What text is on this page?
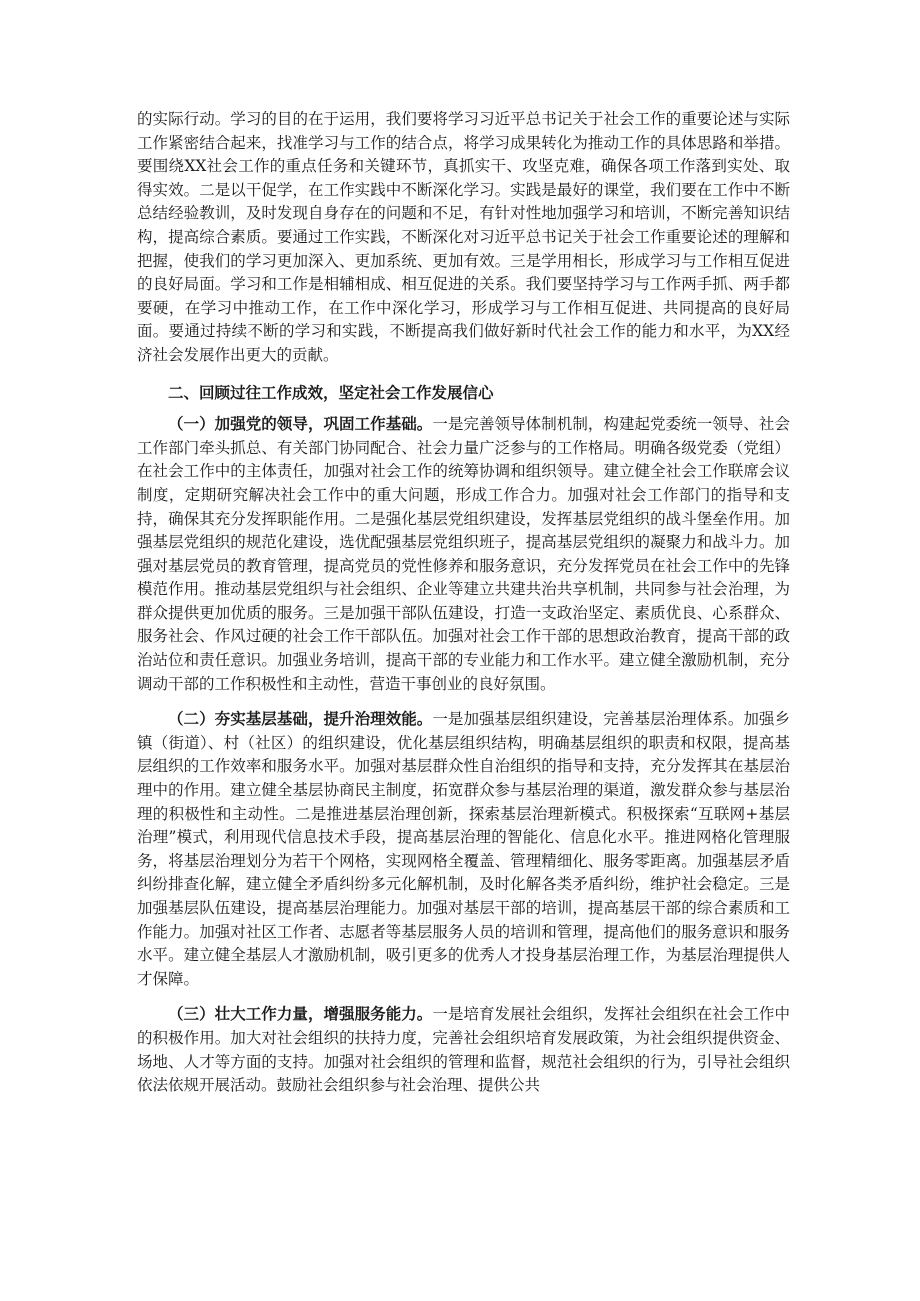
的实际行动。学习的目的在于运用，我们要将学习习近平总书记关于社会工作的重要论述与实际工作紧密结合起来，找准学习与工作的结合点，将学习成果转化为推动工作的具体思路和举措。要围绕XX社会工作的重点任务和关键环节，真抓实干、攻坚克难，确保各项工作落到实处、取得实效。二是以干促学，在工作实践中不断深化学习。实践是最好的课堂，我们要在工作中不断总结经验教训，及时发现自身存在的问题和不足，有针对性地加强学习和培训，不断完善知识结构，提高综合素质。要通过工作实践，不断深化对习近平总书记关于社会工作重要论述的理解和把握，使我们的学习更加深入、更加系统、更加有效。三是学用相长，形成学习与工作相互促进的良好局面。学习和工作是相辅相成、相互促进的关系。我们要坚持学习与工作两手抓、两手都要硬，在学习中推动工作，在工作中深化学习，形成学习与工作相互促进、共同提高的良好局面。要通过持续不断的学习和实践，不断提高我们做好新时代社会工作的能力和水平，为XX经济社会发展作出更大的贡献。

二、回顾过往工作成效，坚定社会工作发展信心

（一）加强党的领导，巩固工作基础。一是完善领导体制机制，构建起党委统一领导、社会工作部门牵头抓总、有关部门协同配合、社会力量广泛参与的工作格局。明确各级党委（党组）在社会工作中的主体责任，加强对社会工作的统筹协调和组织领导。建立健全社会工作联席会议制度，定期研究解决社会工作中的重大问题，形成工作合力。加强对社会工作部门的指导和支持，确保其充分发挥职能作用。二是强化基层党组织建设，发挥基层党组织的战斗堡垒作用。加强基层党组织的规范化建设，选优配强基层党组织班子，提高基层党组织的凝聚力和战斗力。加强对基层党员的教育管理，提高党员的党性修养和服务意识，充分发挥党员在社会工作中的先锋模范作用。推动基层党组织与社会组织、企业等建立共建共治共享机制，共同参与社会治理，为群众提供更加优质的服务。三是加强干部队伍建设，打造一支政治坚定、素质优良、心系群众、服务社会、作风过硬的社会工作干部队伍。加强对社会工作干部的思想政治教育，提高干部的政治站位和责任意识。加强业务培训，提高干部的专业能力和工作水平。建立健全激励机制，充分调动干部的工作积极性和主动性，营造干事创业的良好氛围。

（二）夯实基层基础，提升治理效能。一是加强基层组织建设，完善基层治理体系。加强乡镇（街道）、村（社区）的组织建设，优化基层组织结构，明确基层组织的职责和权限，提高基层组织的工作效率和服务水平。加强对基层群众性自治组织的指导和支持，充分发挥其在基层治理中的作用。建立健全基层协商民主制度，拓宽群众参与基层治理的渠道，激发群众参与基层治理的积极性和主动性。二是推进基层治理创新，探索基层治理新模式。积极探索“互联网+基层治理”模式，利用现代信息技术手段，提高基层治理的智能化、信息化水平。推进网格化管理服务，将基层治理划分为若干个网格，实现网格全覆盖、管理精细化、服务零距离。加强基层矛盾纠纷排查化解，建立健全矛盾纠纷多元化解机制，及时化解各类矛盾纠纷，维护社会稳定。三是加强基层队伍建设，提高基层治理能力。加强对基层干部的培训，提高基层干部的综合素质和工作能力。加强对社区工作者、志愿者等基层服务人员的培训和管理，提高他们的服务意识和服务水平。建立健全基层人才激励机制，吸引更多的优秀人才投身基层治理工作，为基层治理提供人才保障。

（三）壮大工作力量，增强服务能力。一是培育发展社会组织，发挥社会组织在社会工作中的积极作用。加大对社会组织的扶持力度，完善社会组织培育发展政策，为社会组织提供资金、场地、人才等方面的支持。加强对社会组织的管理和监督，规范社会组织的行为，引导社会组织依法依规开展活动。鼓励社会组织参与社会治理、提供公共
